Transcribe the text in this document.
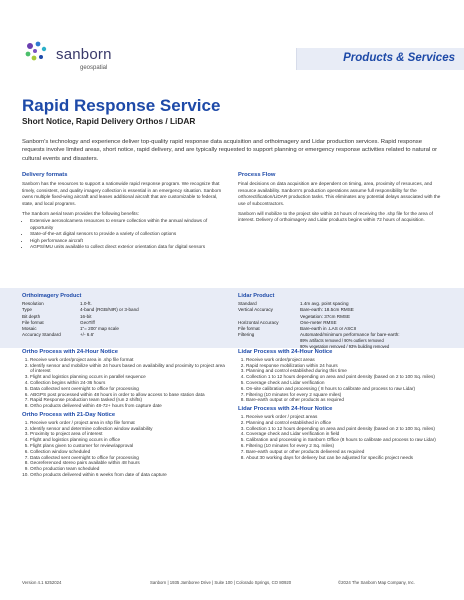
sanborn
geospatial
Products & Services
Rapid Response Service
Short Notice, Rapid Delivery Orthos / LiDAR
Sanborn's technology and experience deliver top-quality rapid response data acquisition and orthoimagery and Lidar production services. Rapid response requests involve limited areas, short notice, rapid delivery, and are typically requested to support planning or emergency response activities related to natural or cultural events and disasters.
Delivery formats

Sanborn has the resources to support a nationwide rapid response program. We recognize that timely, consistent, and quality imagery collection is essential in an emergency situation. Sanborn owns multiple fixed-wing aircraft and leases additional aircraft that are customizable to federal, state, and local programs.

The Sanborn aerial team provides the following benefits:

• Extensive aerosolcamera resources to ensure collection within the annual windows of opportunity
• State-of-the-art digital sensors to provide a variety of collection options
• High performance aircraft
• AGPS/IMU units available to collect direct exterior orientation data for digital sensors
Process Flow

Final decisions on data acquisition are dependent on timing, area, proximity of resources, and resource availability. Sanborn's production operations assume full responsibility for the orthorectification/LiDAR production tasks. This eliminates any potential delays associated with the use of subcontractors.

Sanborn will mobilize to the project site within 24 hours of receiving the .shp file for the area of interest. Delivery of orthoimagery and Lidar products begins within 72 hours of acquisition.

Orthoimagery Product
Resolution	1.0-ft.
Type	4-band (RGB/NIR) or 3-band
Bit depth	16-bit
File format	GeoTiff
Mosaic	1"= 200' map scale
Accuracy Standard	+/- 6.6'
Lidar Product
Standard	1.4m avg. point spacing
Vertical Accuracy	Bare-earth: 18.5cm RMSE
Vegetation: 37cm RMSE
Horizontal Accuracy	One-meter RMSE
File format	Bare-earth in .LAS or ASCII
Filtering	Automated/minimum performance for bare-earth:
89% artifacts removed / 90% outliers removed
90% vegetation removed / 93% building removed
Ortho Process with 24-Hour Notice
1. Receive work order/project area in .shp file format
2. Identify sensor and mobilize within 24 hours based on availability and proximity to project area of interest
3. Flight and logistics planning occurs in parallel sequence
4. Collection begins within 24-36 hours
5. Data collected sent overnight to office for processing
6. ABGPS post processed within 48 hours in order to allow access to base station data
7. Rapid Response production team tasked (run 2 shifts)
8. Ortho products delivered within 48-72+ hours from capture date
Ortho Process with 21-Day Notice
1. Receive work order / project area in shp file format
2. Identify sensor and determine collection window availability
3. Proximity to project area of interest
4. Flight and logistics planning occurs in office
5. Flight plans given to customer for review/approval
6. Collection window scheduled
7. Data collected sent overnight to office for processing
8. Georeferenced stereo pairs available within 48 hours
9. Ortho production team scheduled
10. Ortho products delivered within 6 weeks from date of data capture
Lidar Process with 24-Hour Notice
1. Receive work order/project areas
2. Rapid response mobilization within 24 hours
3. Planning and control established during this time
4. Collection 1 to 12 hours depending on area and point density (based on 2 to 100 Sq. miles)
5. Coverage check and Lidar verification
6. On-site calibration and processing ( 8 hours to calibrate and process to raw Lidar)
7. Filtering (10 minutes for every 2 square miles)
8. Bare-earth output or other products as required
Lidar Process with 24-Hour Notice
1. Receive work order / project areas
2. Planning and control established in office
3. Collection 1 to 12 hours depending on area and point density (based on 2 to 100 Sq. miles)
4. Coverage check and Lidar verification in field
5. Calibration and processing in Sanborn Office (8 hours to calibrate and process to raw Lidar)
6. Filtering (10 minutes for every 2 Sq. miles)
7. Bare-earth output or other products delivered as required
8. About 30 working days for delivery but can be adjusted for specific project needs
Version 4.1 6252024	Sanborn | 1935 Jamboree Drive | Suite 100 | Colorado Springs, CO 80920	©2024 The Sanborn Map Company, Inc.
